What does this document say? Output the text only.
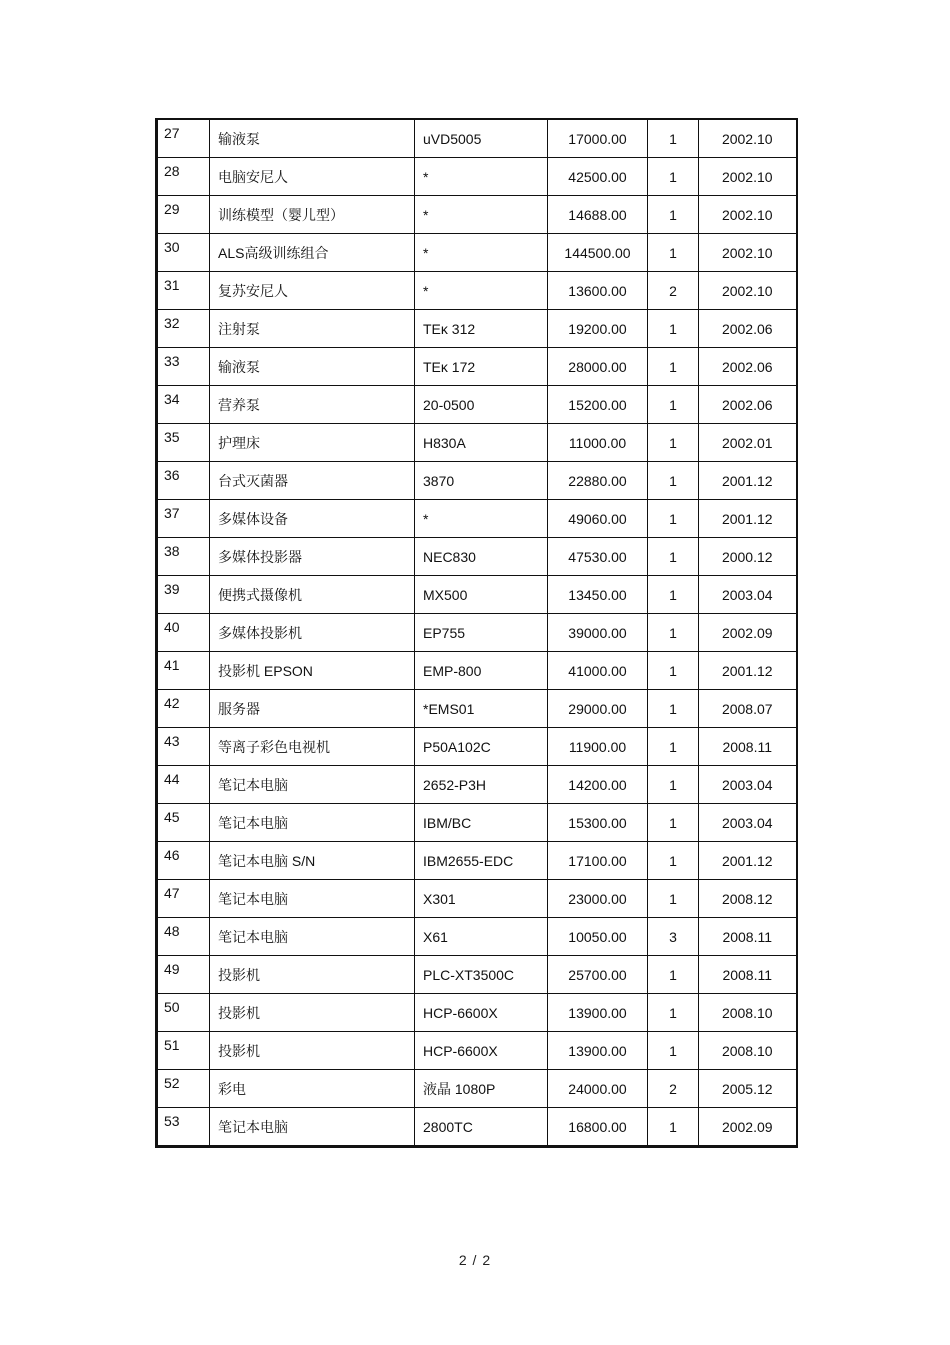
27	输液泵	uVD5005	17000.00	1	2002.10
28	电脑安尼人	*	42500.00	1	2002.10
29	训练模型（婴儿型）	*	14688.00	1	2002.10
30	ALS高级训练组合	*	144500.00	1	2002.10
31	复苏安尼人	*	13600.00	2	2002.10
32	注射泵	TEĸ 312	19200.00	1	2002.06
33	输液泵	TEĸ 172	28000.00	1	2002.06
34	营养泵	20-0500	15200.00	1	2002.06
35	护理床	H830A	11000.00	1	2002.01
36	台式灭菌器	3870	22880.00	1	2001.12
37	多媒体设备	*	49060.00	1	2001.12
38	多媒体投影器	NEC830	47530.00	1	2000.12
39	便携式摄像机	MX500	13450.00	1	2003.04
40	多媒体投影机	EP755	39000.00	1	2002.09
41	投影机 EPSON	EMP-800	41000.00	1	2001.12
42	服务器	*EMS01	29000.00	1	2008.07
43	等离子彩色电视机	P50A102C	11900.00	1	2008.11
44	笔记本电脑	2652-P3H	14200.00	1	2003.04
45	笔记本电脑	IBM/BC	15300.00	1	2003.04
46	笔记本电脑 S/N	IBM2655-EDC	17100.00	1	2001.12
47	笔记本电脑	X301	23000.00	1	2008.12
48	笔记本电脑	X61	10050.00	3	2008.11
49	投影机	PLC-XT3500C	25700.00	1	2008.11
50	投影机	HCP-6600X	13900.00	1	2008.10
51	投影机	HCP-6600X	13900.00	1	2008.10
52	彩电	液晶 1080P	24000.00	2	2005.12
53	笔记本电脑	2800TC	16800.00	1	2002.09
2 / 2
